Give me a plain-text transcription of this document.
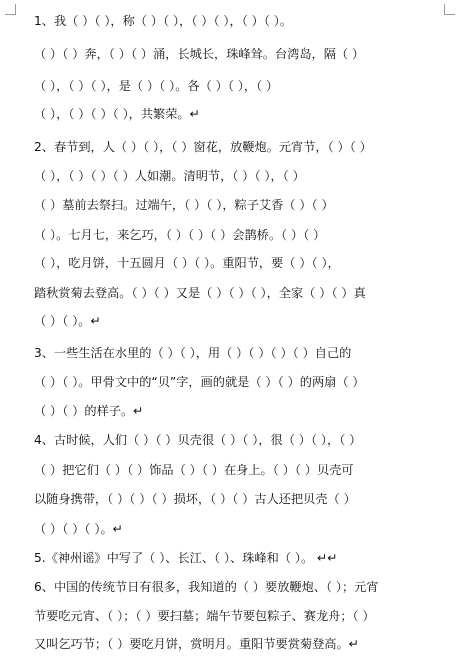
1、我（ ）（ ），称（ ）（ ），（ ）（ ），（ ）（ ）。
（ ）（ ）奔，（ ）（ ）涌，长城长，珠峰耸。台湾岛，隔（ ）
（ ），（ ）（ ），是（ ）（ ）。各（ ）（ ），（ ）
（ ），（ ）（ ）（ ），共繁荣。↵
2、春节到，人（ ）（ ），（ ）窗花，放鞭炮。元宵节，（ ）（ ）
（ ），（ ）（ ）（ ）人如潮。清明节，（ ）（ ），（ ）
（ ）墓前去祭扫。过端午，（ ）（ ），粽子艾香（ ）（ ）
（ ）。七月七，来乞巧，（ ）（ ）（ ）会鹊桥。（ ）（ ）
（ ），吃月饼，十五圆月（ ）（ ）。重阳节，要（ ）（ ），
踏秋赏菊去登高。（ ）（ ）又是（ ）（ ）（ ），全家（ ）（ ）真
（ ）（ ）。↵
3、一些生活在水里的（ ）（ ），用（ ）（ ）（ ）（ ）自己的
（ ）（ ）。甲骨文中的“贝”字，画的就是（ ）（ ）的两扇（ ）
（ ）（ ）的样子。↵
4、古时候，人们（ ）（ ）贝壳很（ ）（ ），很（ ）（ ），（ ）
（ ）把它们（ ）（ ）饰品（ ）（ ）在身上。（ ）（ ）贝壳可
以随身携带，（ ）（ ）（ ）损坏，（ ）（ ）古人还把贝壳（ ）
（ ）（ ）（ ）。↵
5.《神州谣》中写了（ ）、长江、（ ）、珠峰和（ ）。 ↵↵
6、中国的传统节日有很多，我知道的（ ）要放鞭炮、（ ）；元宵
节要吃元宵、（ ）；（ ）要扫墓；端午节要包粽子、赛龙舟；（ ）
又叫乞巧节；（ ）要吃月饼，赏明月。重阳节要赏菊登高。↵
